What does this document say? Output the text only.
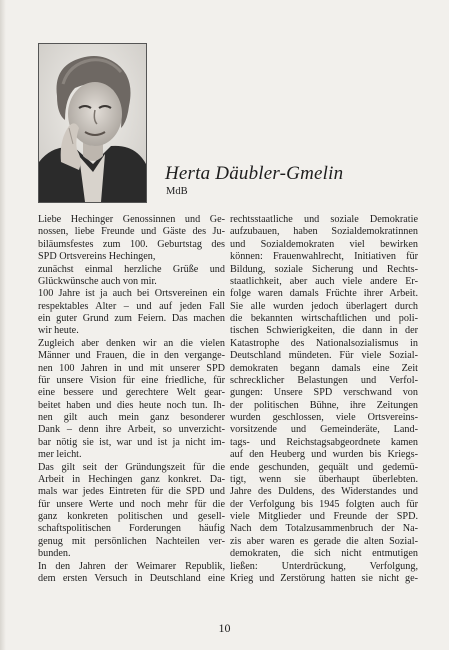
Herta Däubler-Gmelin
MdB
Liebe Hechinger Genossinnen und Ge-
nossen, liebe Freunde und Gäste des Ju-
biläumsfestes zum 100. Geburtstag des
SPD Ortsvereins Hechingen,
zunächst einmal herzliche Grüße und
Glückwünsche auch von mir.
100 Jahre ist ja auch bei Ortsvereinen ein
respektables Alter – und auf jeden Fall
ein guter Grund zum Feiern. Das machen
wir heute.
Zugleich aber denken wir an die vielen
Männer und Frauen, die in den vergange-
nen 100 Jahren in und mit unserer SPD
für unsere Vision für eine friedliche, für
eine bessere und gerechtere Welt gear-
beitet haben und dies heute noch tun. Ih-
nen gilt auch mein ganz besonderer
Dank – denn ihre Arbeit, so unverzicht-
bar nötig sie ist, war und ist ja nicht im-
mer leicht.
Das gilt seit der Gründungszeit für die
Arbeit in Hechingen ganz konkret. Da-
mals war jedes Eintreten für die SPD und
für unsere Werte und noch mehr für die
ganz konkreten politischen und gesell-
schaftspolitischen Forderungen häufig
genug mit persönlichen Nachteilen ver-
bunden.
In den Jahren der Weimarer Republik,
dem ersten Versuch in Deutschland eine
rechtsstaatliche und soziale Demokratie
aufzubauen, haben Sozialdemokratinnen
und Sozialdemokraten viel bewirken
können: Frauenwahlrecht, Initiativen für
Bildung, soziale Sicherung und Rechts-
staatlichkeit, aber auch viele andere Er-
folge waren damals Früchte ihrer Arbeit.
Sie alle wurden jedoch überlagert durch
die bekannten wirtschaftlichen und poli-
tischen Schwierigkeiten, die dann in der
Katastrophe des Nationalsozialismus in
Deutschland mündeten. Für viele Sozial-
demokraten begann damals eine Zeit
schrecklicher Belastungen und Verfol-
gungen: Unsere SPD verschwand von
der politischen Bühne, ihre Zeitungen
wurden geschlossen, viele Ortsvereins-
vorsitzende und Gemeinderäte, Land-
tags- und Reichstagsabgeordnete kamen
auf den Heuberg und wurden bis Kriegs-
ende geschunden, gequält und gedemü-
tigt, wenn sie überhaupt überlebten.
Jahre des Duldens, des Widerstandes und
der Verfolgung bis 1945 folgten auch für
viele Mitglieder und Freunde der SPD.
Nach dem Totalzusammenbruch der Na-
zis aber waren es gerade die alten Sozial-
demokraten, die sich nicht entmutigen
ließen: Unterdrückung, Verfolgung,
Krieg und Zerstörung hatten sie nicht ge-
10
